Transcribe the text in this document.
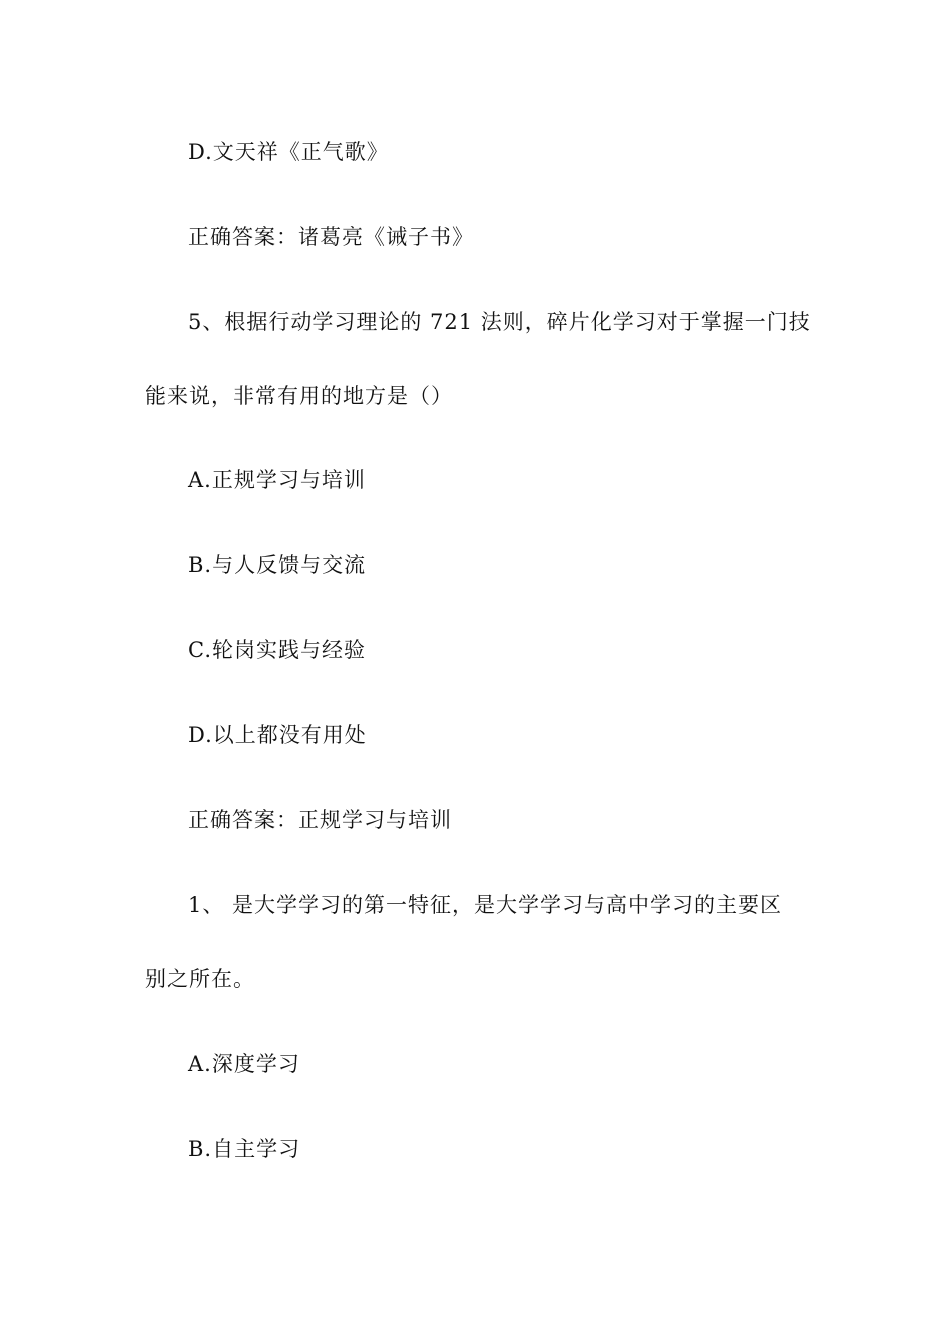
D.文天祥《正气歌》
正确答案：诸葛亮《诫子书》
5、根据行动学习理论的 721 法则，碎片化学习对于掌握一门技
能来说，非常有用的地方是（）
A.正规学习与培训
B.与人反馈与交流
C.轮岗实践与经验
D.以上都没有用处
正确答案：正规学习与培训
1、 是大学学习的第一特征，是大学学习与高中学习的主要区
别之所在。
A.深度学习
B.自主学习
